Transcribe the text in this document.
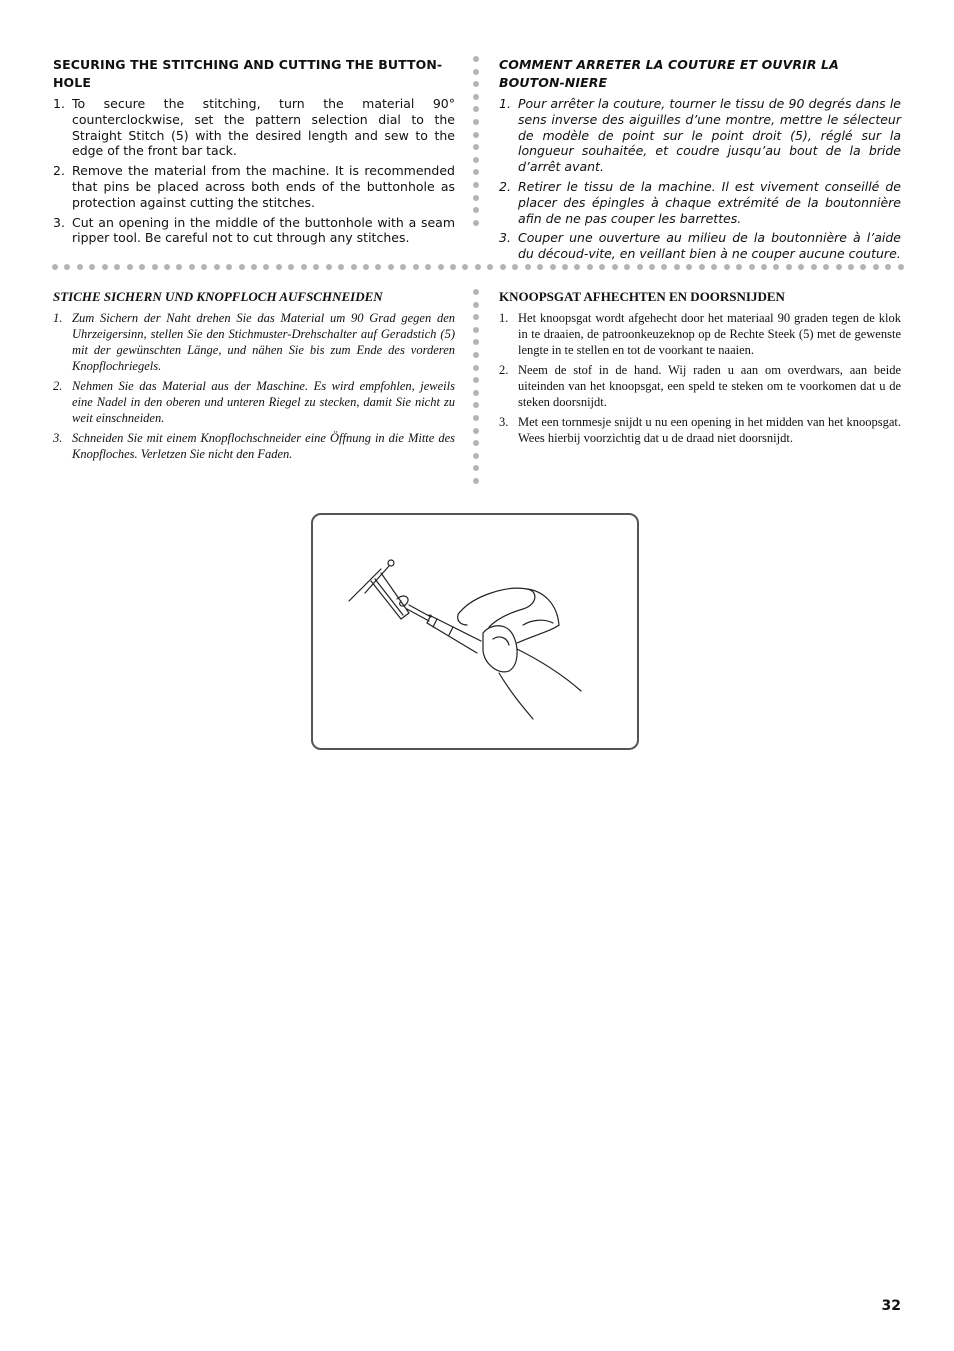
SECURING THE STITCHING AND CUTTING THE BUTTON-HOLE
1. To secure the stitching, turn the material 90° counterclockwise, set the pattern selection dial to the Straight Stitch (5) with the desired length and sew to the edge of the front bar tack.
2. Remove the material from the machine. It is recommended that pins be placed across both ends of the buttonhole as protection against cutting the stitches.
3. Cut an opening in the middle of the buttonhole with a seam ripper tool. Be careful not to cut through any stitches.
COMMENT ARRETER LA COUTURE ET OUVRIR LA BOUTON-NIERE
1. Pour arrêter la couture, tourner le tissu de 90 degrés dans le sens inverse des aiguilles d’une montre, mettre le sélecteur de modèle de point sur le point droit (5), réglé sur la longueur souhaitée, et coudre jusqu’au bout de la bride d’arrêt avant.
2. Retirer le tissu de la machine. Il est vivement conseillé de placer des épingles à chaque extrémité de la boutonnière afin de ne pas couper les barrettes.
3. Couper une ouverture au milieu de la boutonnière à l’aide du découd-vite, en veillant bien à ne couper aucune couture.
STICHE SICHERN UND KNOPFLOCH AUFSCHNEIDEN
1. Zum Sichern der Naht drehen Sie das Material um 90 Grad gegen den Uhrzeigersinn, stellen Sie den Stichmuster-Drehschalter auf Geradstich (5) mit der gewünschten Länge, und nähen Sie bis zum Ende des vorderen Knopflochriegels.
2. Nehmen Sie das Material aus der Maschine. Es wird empfohlen, jeweils eine Nadel in den oberen und unteren Riegel zu stecken, damit Sie nicht zu weit einschneiden.
3. Schneiden Sie mit einem Knopflochschneider eine Öffnung in die Mitte des Knopfloches. Verletzen Sie nicht den Faden.
KNOOPSGAT AFHECHTEN EN DOORSNIJDEN
1. Het knoopsgat wordt afgehecht door het materiaal 90 graden tegen de klok in te draaien, de patroonkeuzeknop op de Rechte Steek (5) met de gewenste lengte in te stellen en tot de voorkant te naaien.
2. Neem de stof in de hand. Wij raden u aan om overdwars, aan beide uiteinden van het knoopsgat, een speld te steken om te voorkomen dat u de steken doorsnijdt.
3. Met een tornmesje snijdt u nu een opening in het midden van het knoopsgat. Wees hierbij voorzichtig dat u de draad niet doorsnijdt.
32
